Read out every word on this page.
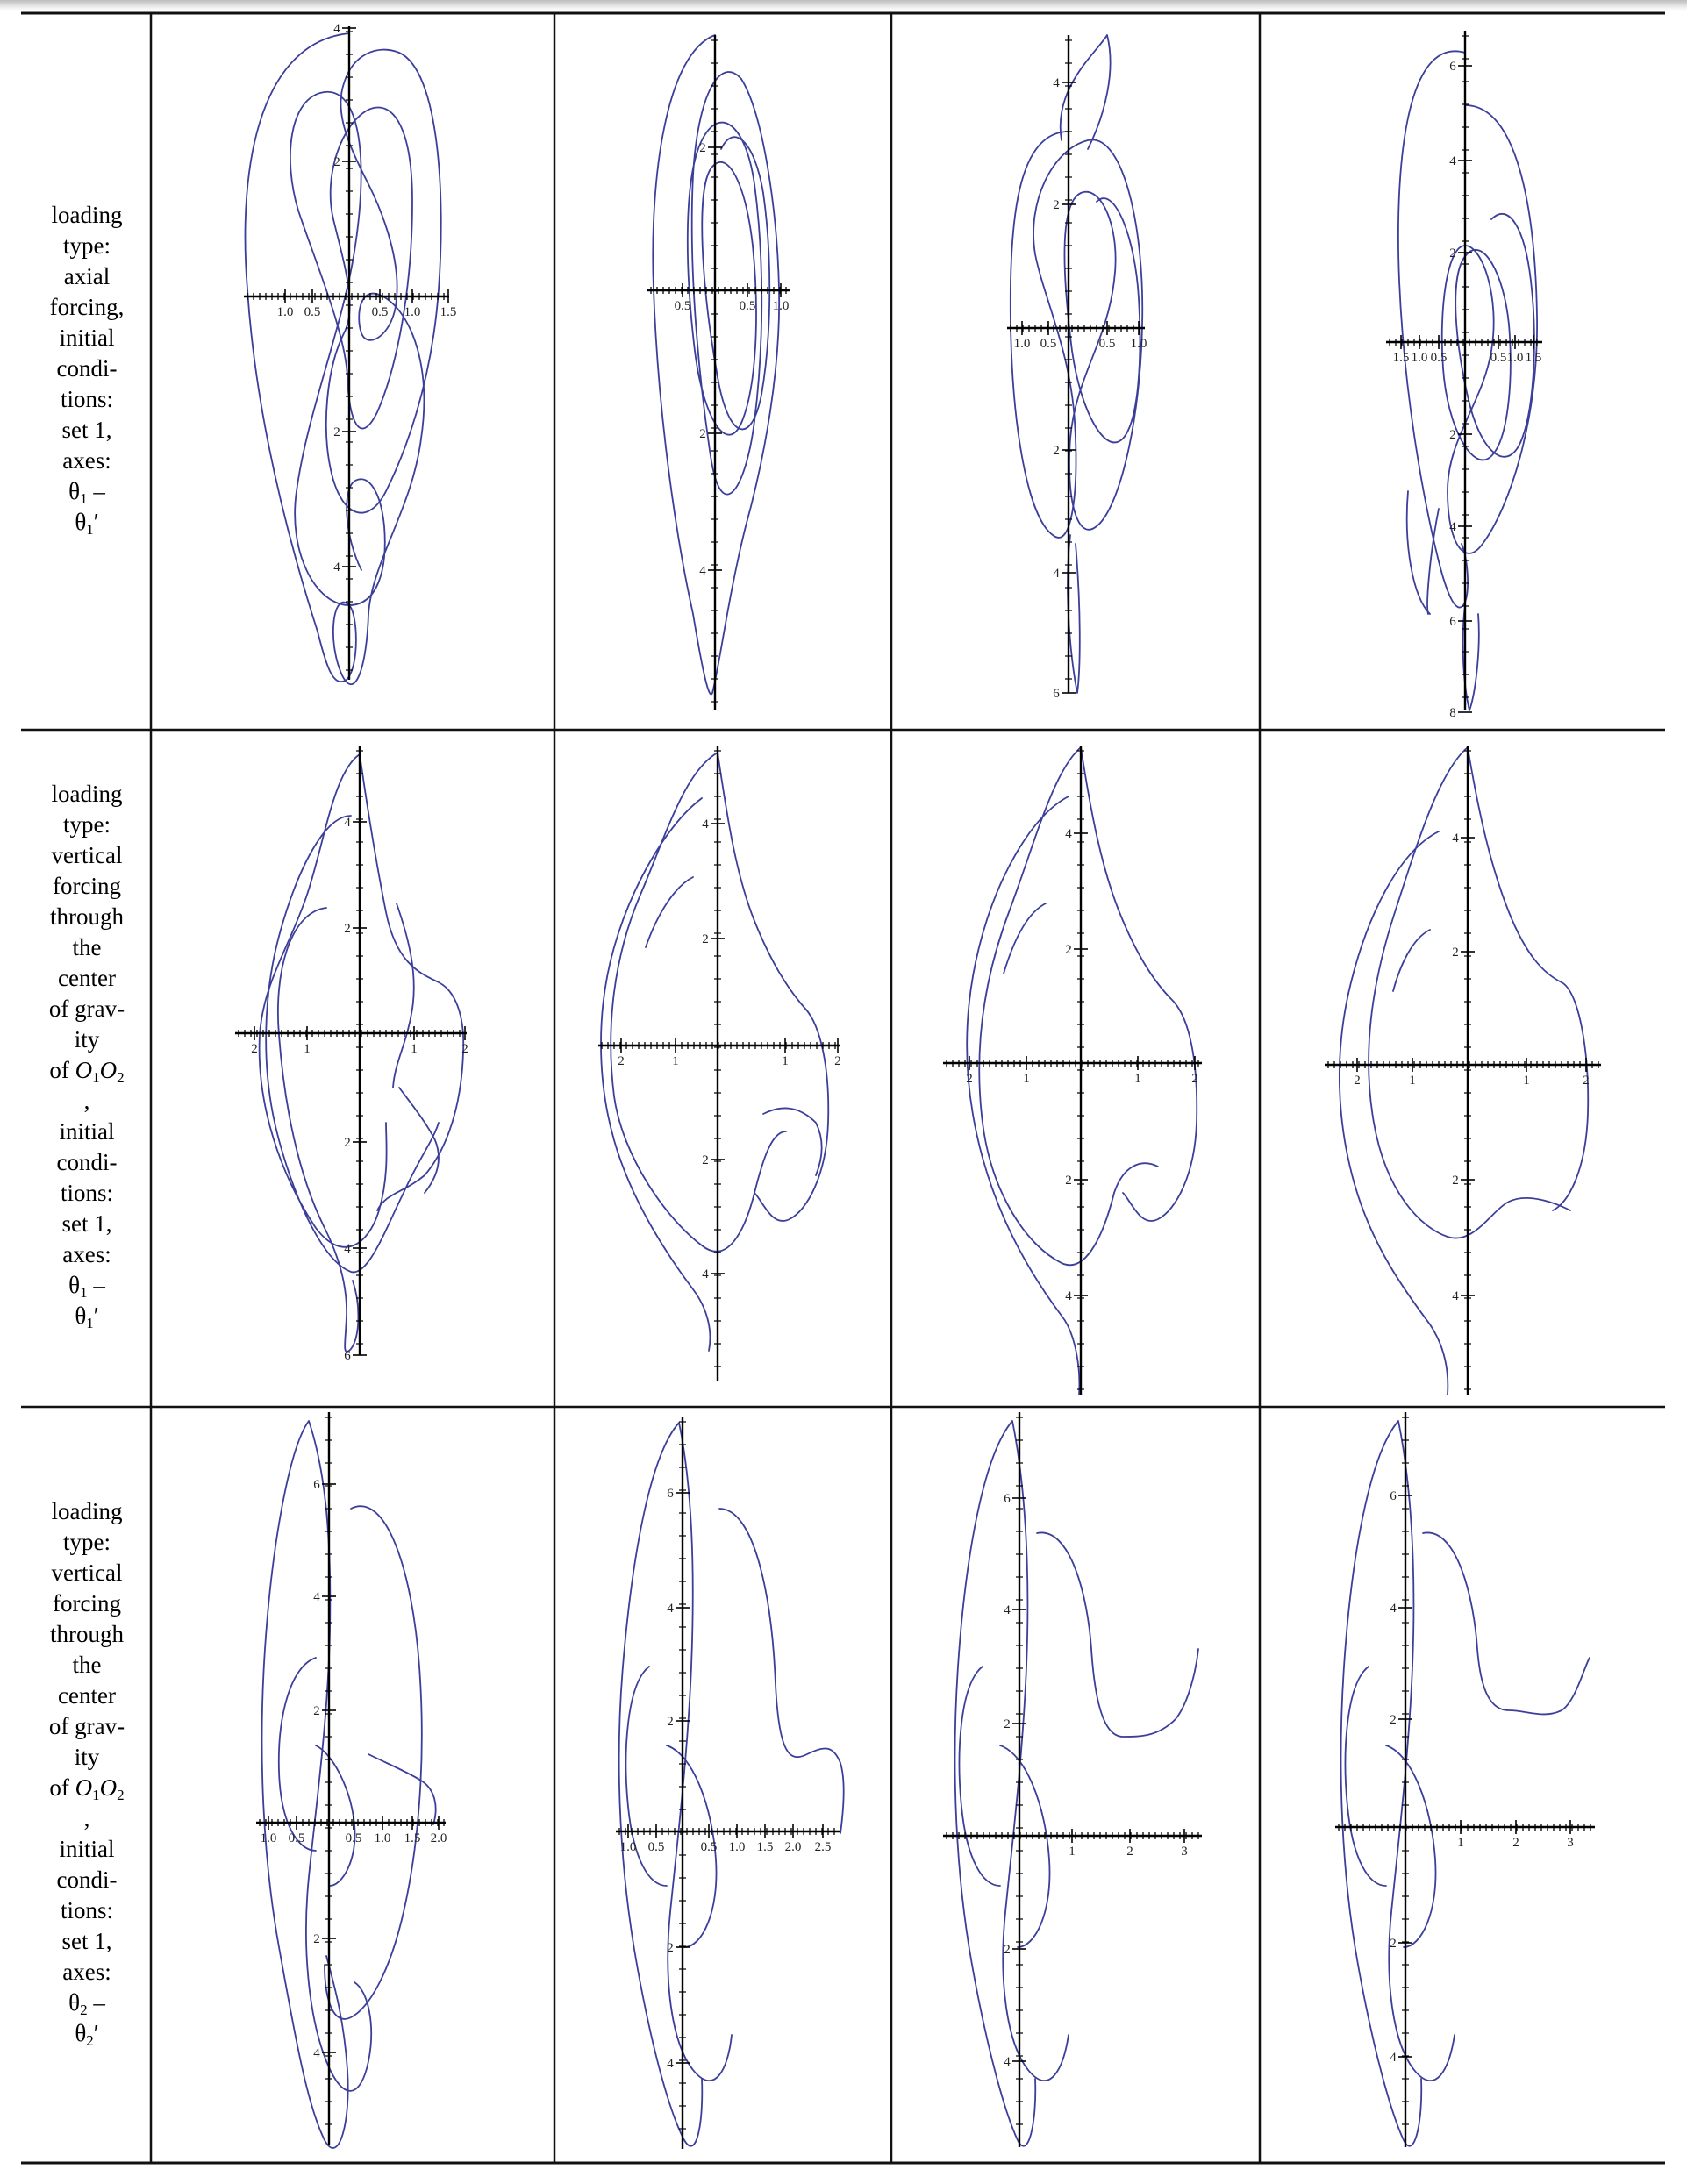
1.0 0.5	0.5 1.0 1.5
4
2
2
4
0.5	0.5 1.0
2
2
4
1.0 0.5	0.5 1.0
4
2
2
4
6
1.5 1.0 0.5	0.5 1.0 1.5
6
4
2
2
4
6
8
2	1	1	2
4
2
2
4
6
2	1	1	2
4
2
2
4
2	1	1	2
4
2
2
4
2	1	1	2
4
2
2
4
1.0 0.5	0.5 1.0 1.5 2.0
6
4
2
2
4
1.0 0.5	0.5 1.0 1.5 2.0 2.5
6
4
2
2
4
1	2	3
6
4
2
2
4
1	2	3
6
4
2
2
4
loading
type:
axial
forcing,
initial
condi-
tions:
set 1,
axes:
$\theta_1$ –
$\theta_1'$
loading
type:
vertical
forcing
through
the
center
of grav-
ity
of $O_1O_2$
,
initial
condi-
tions:
set 1,
axes:
$\theta_1$ –
$\theta_1'$
loading
type:
vertical
forcing
through
the
center
of grav-
ity
of $O_1O_2$
,
initial
condi-
tions:
set 1,
axes:
$\theta_2$ –
$\theta_2'$
